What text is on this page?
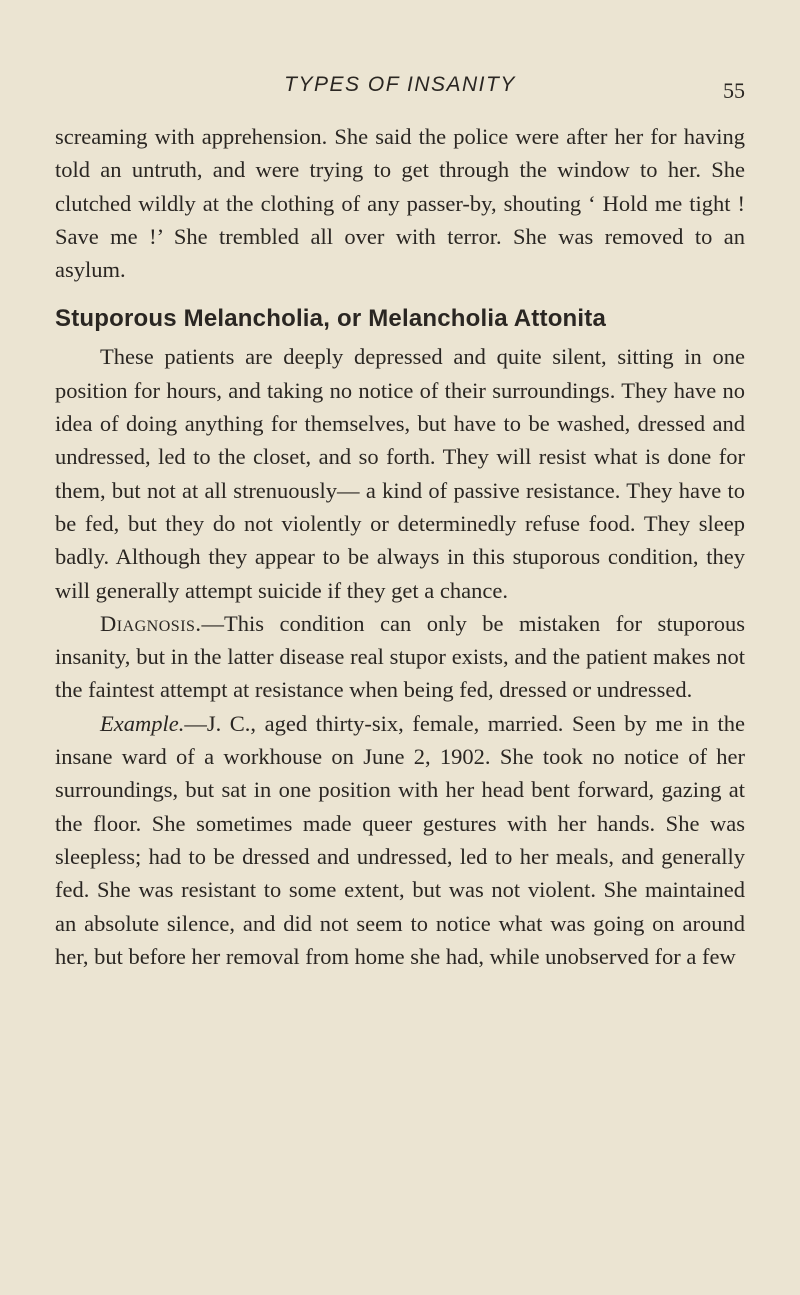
TYPES OF INSANITY	55

screaming with apprehension. She said the police were after her for having told an untruth, and were trying to get through the window to her. She clutched wildly at the clothing of any passer-by, shouting ‘ Hold me tight ! Save me !’ She trembled all over with terror. She was removed to an asylum.

Stuporous Melancholia, or Melancholia Attonita

These patients are deeply depressed and quite silent, sitting in one position for hours, and taking no notice of their surroundings. They have no idea of doing anything for themselves, but have to be washed, dressed and undressed, led to the closet, and so forth. They will resist what is done for them, but not at all strenuously— a kind of passive resistance. They have to be fed, but they do not violently or determinedly refuse food. They sleep badly. Although they appear to be always in this stuporous condition, they will generally attempt suicide if they get a chance.

Diagnosis.—This condition can only be mistaken for stuporous insanity, but in the latter disease real stupor exists, and the patient makes not the faintest attempt at resistance when being fed, dressed or undressed.

Example.—J. C., aged thirty-six, female, married. Seen by me in the insane ward of a workhouse on June 2, 1902. She took no notice of her surroundings, but sat in one position with her head bent forward, gazing at the floor. She sometimes made queer gestures with her hands. She was sleepless; had to be dressed and undressed, led to her meals, and generally fed. She was resistant to some extent, but was not violent. She maintained an absolute silence, and did not seem to notice what was going on around her, but before her removal from home she had, while unobserved for a few
